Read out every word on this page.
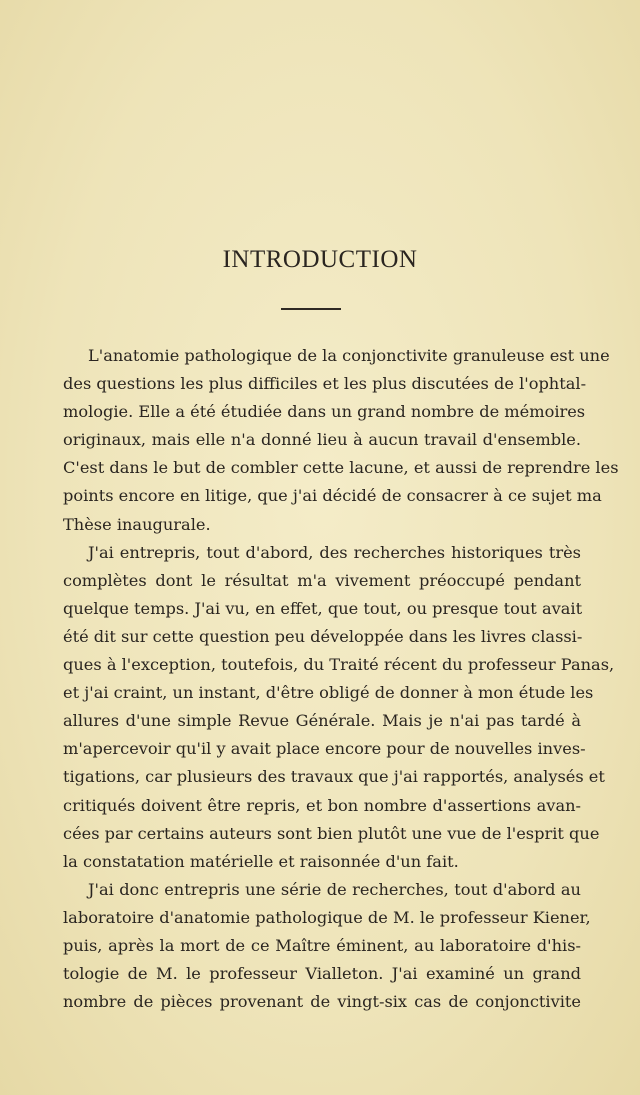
INTRODUCTION
L'anatomie pathologique de la conjonctivite granuleuse est une
des questions les plus difficiles et les plus discutées de l'ophtal-
mologie. Elle a été étudiée dans un grand nombre de mémoires
originaux, mais elle n'a donné lieu à aucun travail d'ensemble.
C'est dans le but de combler cette lacune, et aussi de reprendre les
points encore en litige, que j'ai décidé de consacrer à ce sujet ma
Thèse inaugurale.
J'ai entrepris, tout d'abord, des recherches historiques très
complètes dont le résultat m'a vivement préoccupé pendant
quelque temps. J'ai vu, en effet, que tout, ou presque tout avait
été dit sur cette question peu développée dans les livres classi-
ques à l'exception, toutefois, du Traité récent du professeur Panas,
et j'ai craint, un instant, d'être obligé de donner à mon étude les
allures d'une simple Revue Générale. Mais je n'ai pas tardé à
m'apercevoir qu'il y avait place encore pour de nouvelles inves-
tigations, car plusieurs des travaux que j'ai rapportés, analysés et
critiqués doivent être repris, et bon nombre d'assertions avan-
cées par certains auteurs sont bien plutôt une vue de l'esprit que
la constatation matérielle et raisonnée d'un fait.
J'ai donc entrepris une série de recherches, tout d'abord au
laboratoire d'anatomie pathologique de M. le professeur Kiener,
puis, après la mort de ce Maître éminent, au laboratoire d'his-
tologie de M. le professeur Vialleton. J'ai examiné un grand
nombre de pièces provenant de vingt-six cas de conjonctivite
